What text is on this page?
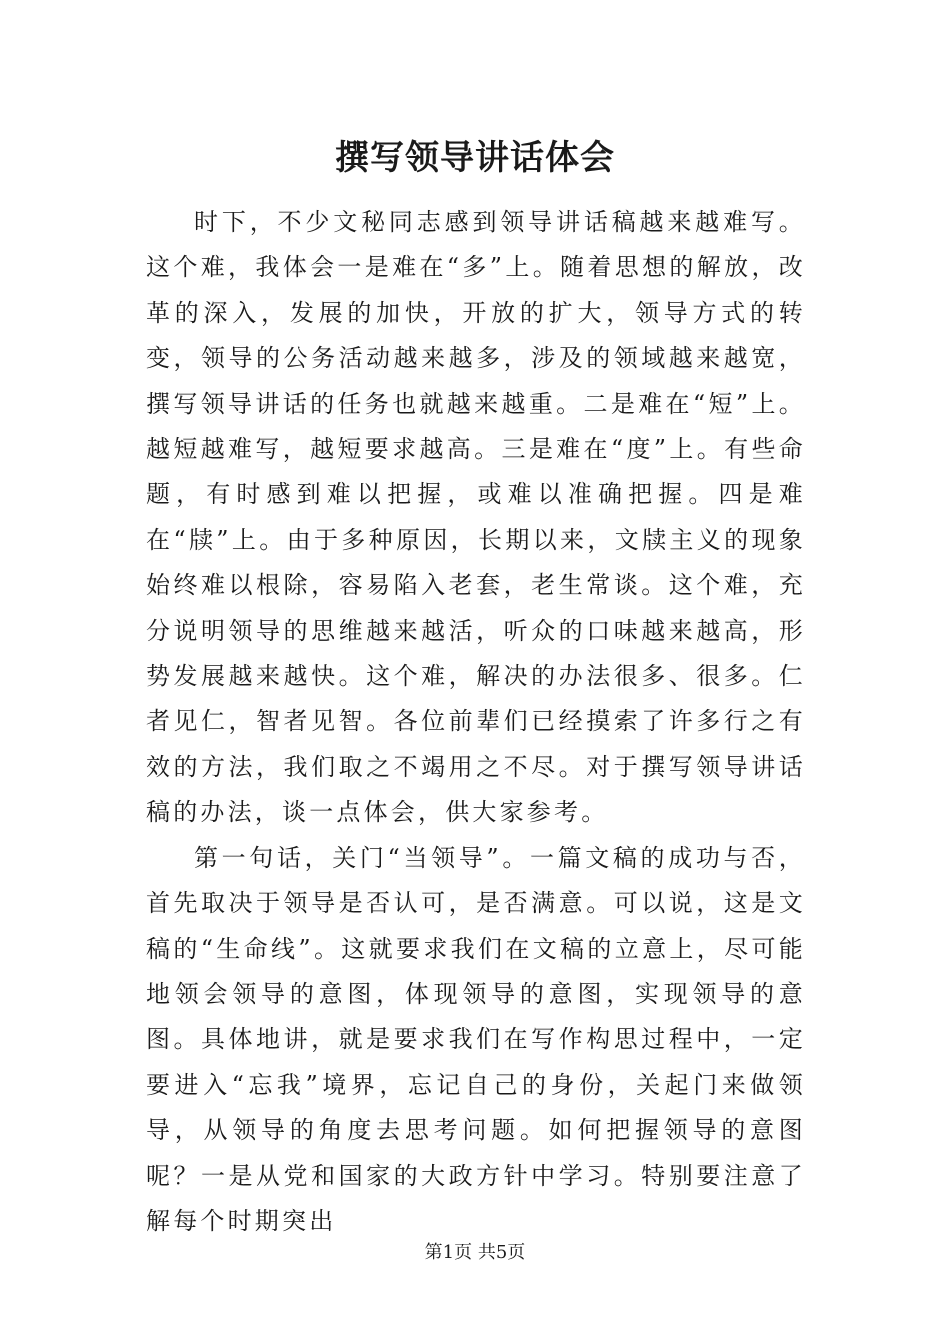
撰写领导讲话体会

时下，不少文秘同志感到领导讲话稿越来越难写。这个难，我体会一是难在“多”上。随着思想的解放，改革的深入，发展的加快，开放的扩大，领导方式的转变，领导的公务活动越来越多，涉及的领域越来越宽，撰写领导讲话的任务也就越来越重。二是难在“短”上。越短越难写，越短要求越高。三是难在“度”上。有些命题，有时感到难以把握，或难以准确把握。四是难在“牍”上。由于多种原因，长期以来，文牍主义的现象始终难以根除，容易陷入老套，老生常谈。这个难，充分说明领导的思维越来越活，听众的口味越来越高，形势发展越来越快。这个难，解决的办法很多、很多。仁者见仁，智者见智。各位前辈们已经摸索了许多行之有效的方法，我们取之不竭用之不尽。对于撰写领导讲话稿的办法，谈一点体会，供大家参考。

第一句话，关门“当领导”。一篇文稿的成功与否，首先取决于领导是否认可，是否满意。可以说，这是文稿的“生命线”。这就要求我们在文稿的立意上，尽可能地领会领导的意图，体现领导的意图，实现领导的意图。具体地讲，就是要求我们在写作构思过程中，一定要进入“忘我”境界，忘记自己的身份，关起门来做领导，从领导的角度去思考问题。如何把握领导的意图呢？一是从党和国家的大政方针中学习。特别要注意了解每个时期突出

第1页 共5页
